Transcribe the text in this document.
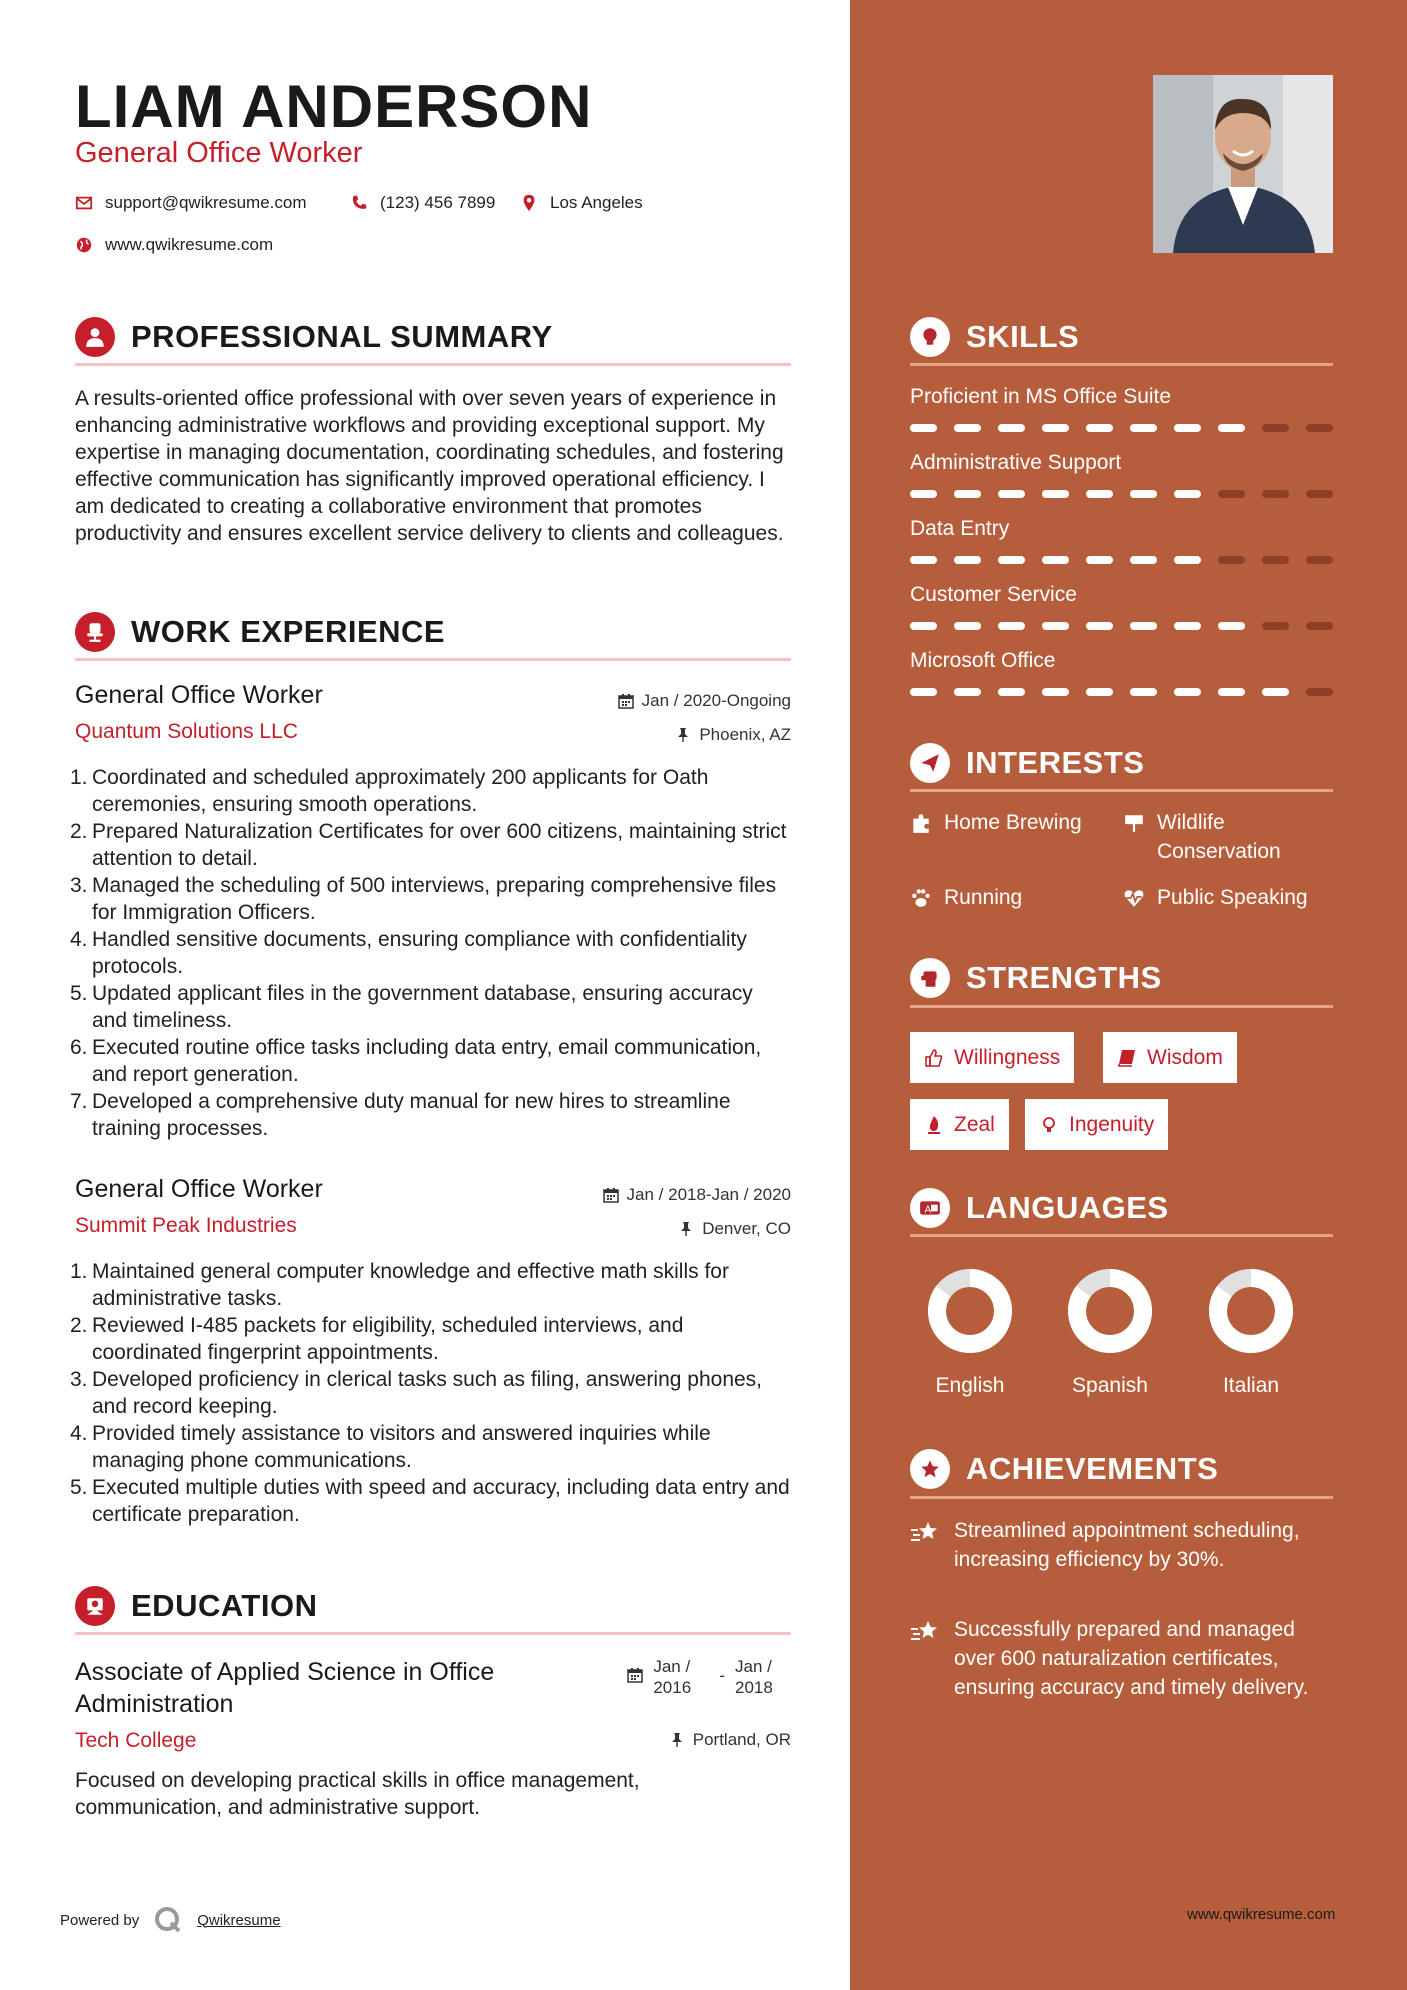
LIAM ANDERSON
General Office Worker
support@qwikresume.com	(123) 456 7899	Los Angeles
www.qwikresume.com
PROFESSIONAL SUMMARY
A results-oriented office professional with over seven years of experience in enhancing administrative workflows and providing exceptional support. My expertise in managing documentation, coordinating schedules, and fostering effective communication has significantly improved operational efficiency. I am dedicated to creating a collaborative environment that promotes productivity and ensures excellent service delivery to clients and colleagues.
WORK EXPERIENCE
General Office Worker	Jan / 2020-Ongoing
Quantum Solutions LLC	Phoenix, AZ
1. Coordinated and scheduled approximately 200 applicants for Oath ceremonies, ensuring smooth operations.
2. Prepared Naturalization Certificates for over 600 citizens, maintaining strict attention to detail.
3. Managed the scheduling of 500 interviews, preparing comprehensive files for Immigration Officers.
4. Handled sensitive documents, ensuring compliance with confidentiality protocols.
5. Updated applicant files in the government database, ensuring accuracy and timeliness.
6. Executed routine office tasks including data entry, email communication, and report generation.
7. Developed a comprehensive duty manual for new hires to streamline training processes.
General Office Worker	Jan / 2018-Jan / 2020
Summit Peak Industries	Denver, CO
1. Maintained general computer knowledge and effective math skills for administrative tasks.
2. Reviewed I-485 packets for eligibility, scheduled interviews, and coordinated fingerprint appointments.
3. Developed proficiency in clerical tasks such as filing, answering phones, and record keeping.
4. Provided timely assistance to visitors and answered inquiries while managing phone communications.
5. Executed multiple duties with speed and accuracy, including data entry and certificate preparation.
EDUCATION
Associate of Applied Science in Office Administration
Jan / 2016
- Jan / 2018
Tech College	Portland, OR
Focused on developing practical skills in office management, communication, and administrative support.
Powered by	Qwikresume
SKILLS
Proficient in MS Office Suite
Administrative Support
Data Entry
Customer Service
Microsoft Office
INTERESTS
Home Brewing	Wildlife Conservation
Running	Public Speaking
STRENGTHS
Willingness	Wisdom
Zeal	Ingenuity
A LANGUAGES
English	Spanish	Italian
ACHIEVEMENTS
Streamlined appointment scheduling, increasing efficiency by 30%.
Successfully prepared and managed over 600 naturalization certificates, ensuring accuracy and timely delivery.
www.qwikresume.com
